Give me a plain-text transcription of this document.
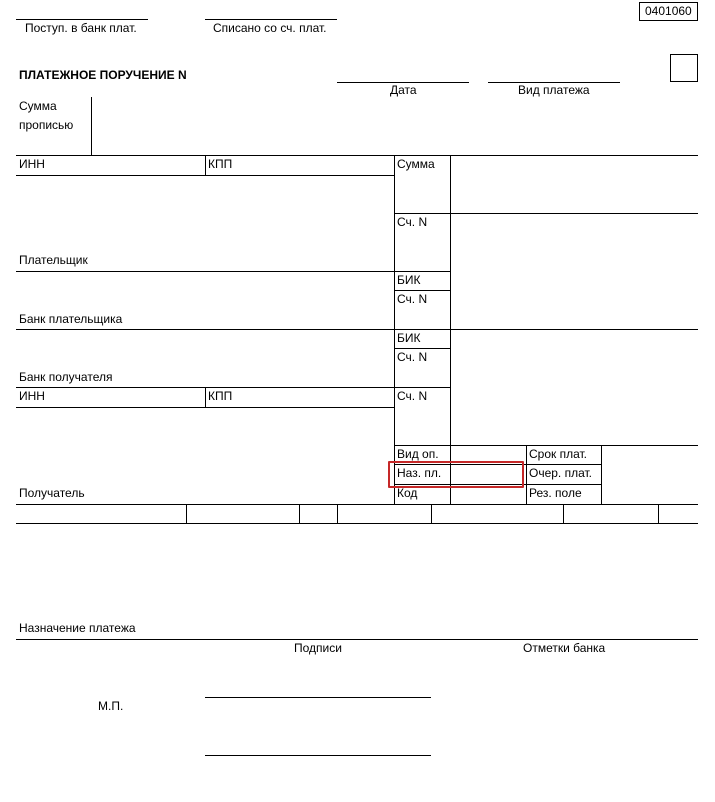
0401060
Поступ. в банк плат.	Списано со сч. плат.
ПЛАТЕЖНОЕ ПОРУЧЕНИЕ N
Дата	Вид платежа
Сумма
прописью
ИНН	КПП	Сумма
Сч. N
Плательщик
БИК
Сч. N
Банк плательщика
БИК
Сч. N
Банк получателя
ИНН	КПП	Сч. N
Вид оп.	Срок плат.
Наз. пл.	Очер. плат.
Код	Рез. поле
Получатель
Назначение платежа
Подписи	Отметки банка
М.П.
